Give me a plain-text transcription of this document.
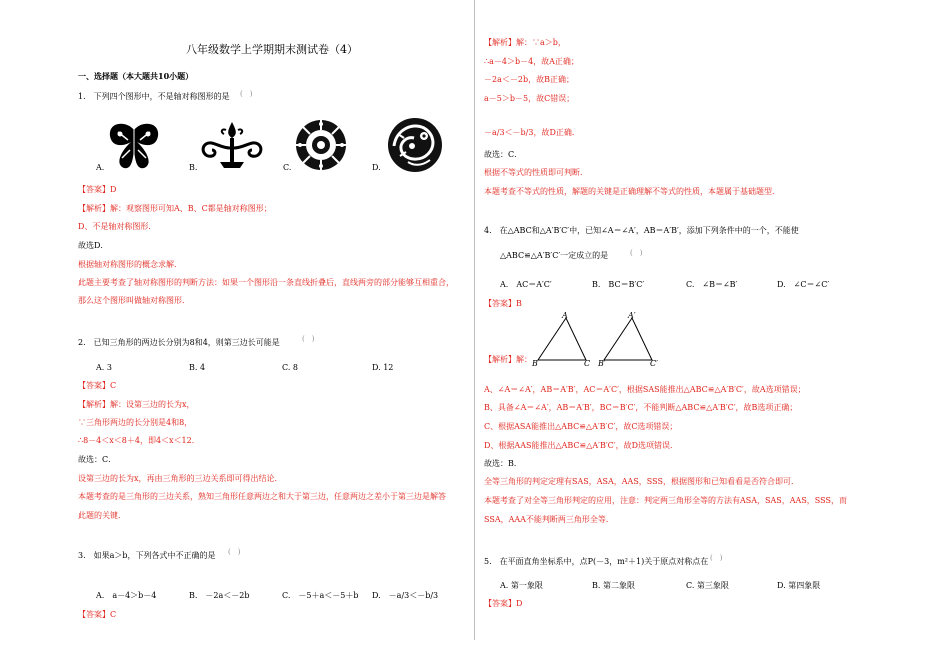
八年级数学上学期期末测试卷（4）
一、选择题（本大题共10小题）
1.　下列四个图形中，不是轴对称图形的是 (　)
A.	B.	C.	D.
【答案】D
【解析】解：观察图形可知A、B、C都是轴对称图形；
D、不是轴对称图形．
故选D．
根据轴对称图形的概念求解．
此题主要考查了轴对称图形的判断方法：如果一个图形沿一条直线折叠后，直线两旁的部分能够互相重合，
那么这个图形叫做轴对称图形．
2.　已知三角形的两边长分别为8和4，则第三边长可能是	(　)
A. 3	B. 4	C. 8	D. 12
【答案】C
【解析】解：设第三边的长为x，
∵三角形两边的长分别是4和8，
∴8－4＜x＜8＋4，即4＜x＜12．
故选：C．
设第三边的长为x，再由三角形的三边关系即可得出结论．
本题考查的是三角形的三边关系，熟知三角形任意两边之和大于第三边，任意两边之差小于第三边是解答
此题的关键．
3.　如果a＞b，下列各式中不正确的是 (　)
A.　a－4＞b－4	B.　－2a＜－2b	C.　－5＋a＜－5＋b D.　－a/3＜－b/3
【答案】C
【解析】解：∵a＞b，
∴a－4＞b－4，故A正确；
－2a＜－2b，故B正确；
a－5＞b－5，故C错误；
－a/3＜－b/3，故D正确．
故选：C．
根据不等式的性质即可判断．
本题考查不等式的性质，解题的关键是正确理解不等式的性质，本题属于基础题型．
4.　在△ABC和△A′B′C′中，已知∠A＝∠A′，AB＝A′B′，添加下列条件中的一个，不能使
△ABC≌△A′B′C′一定成立的是	(　)
A.　AC＝A′C′	B.　BC＝B′C′	C.　∠B＝∠B′	D.　∠C＝∠C′
【答案】B
A
B	C
A′
B′	C′
【解析】解：
A、∠A＝∠A′，AB＝A′B′，AC＝A′C′，根据SAS能推出△ABC≌△A′B′C′，故A选项错误；
B、具备∠A＝∠A′，AB＝A′B′，BC＝B′C′，不能判断△ABC≌△A′B′C′，故B选项正确；
C、根据ASA能推出△ABC≌△A′B′C′，故C选项错误；
D、根据AAS能推出△ABC≌△A′B′C′，故D选项错误．
故选：B．
全等三角形的判定定理有SAS，ASA，AAS，SSS，根据图形和已知看看是否符合即可．
本题考查了对全等三角形判定的应用，注意：判定两三角形全等的方法有ASA，SAS，AAS，SSS，而
SSA，AAA不能判断两三角形全等．
5.　在平面直角坐标系中，点P(－3，m²＋1)关于原点对称点在 (　)
A. 第一象限	B. 第二象限	C. 第三象限	D. 第四象限
【答案】D
